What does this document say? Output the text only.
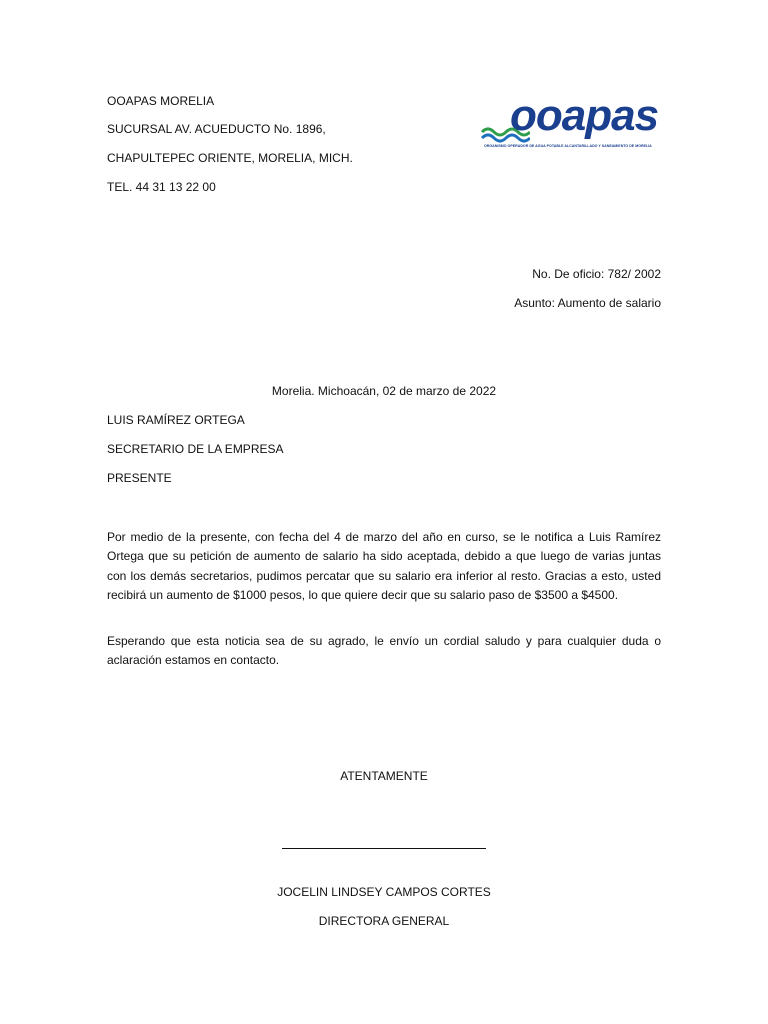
OOAPAS MORELIA
SUCURSAL AV. ACUEDUCTO No. 1896,
CHAPULTEPEC ORIENTE, MORELIA, MICH.
TEL. 44 31 13 22 00
ooapas
ORGANISMO OPERADOR DE AGUA POTABLE ALCANTARILLADO Y SANEAMIENTO DE MORELIA
No. De oficio: 782/ 2002
Asunto: Aumento de salario
Morelia. Michoacán, 02 de marzo de 2022
LUIS RAMÍREZ ORTEGA
SECRETARIO DE LA EMPRESA
PRESENTE
Por medio de la presente, con fecha del 4 de marzo del año en curso, se le notifica a Luis Ramírez Ortega que su petición de aumento de salario ha sido aceptada, debido a que luego de varias juntas con los demás secretarios, pudimos percatar que su salario era inferior al resto. Gracias a esto, usted recibirá un aumento de $1000 pesos, lo que quiere decir que su salario paso de $3500 a $4500.
Esperando que esta noticia sea de su agrado, le envío un cordial saludo y para cualquier duda o aclaración estamos en contacto.
ATENTAMENTE
JOCELIN LINDSEY CAMPOS CORTES
DIRECTORA GENERAL
